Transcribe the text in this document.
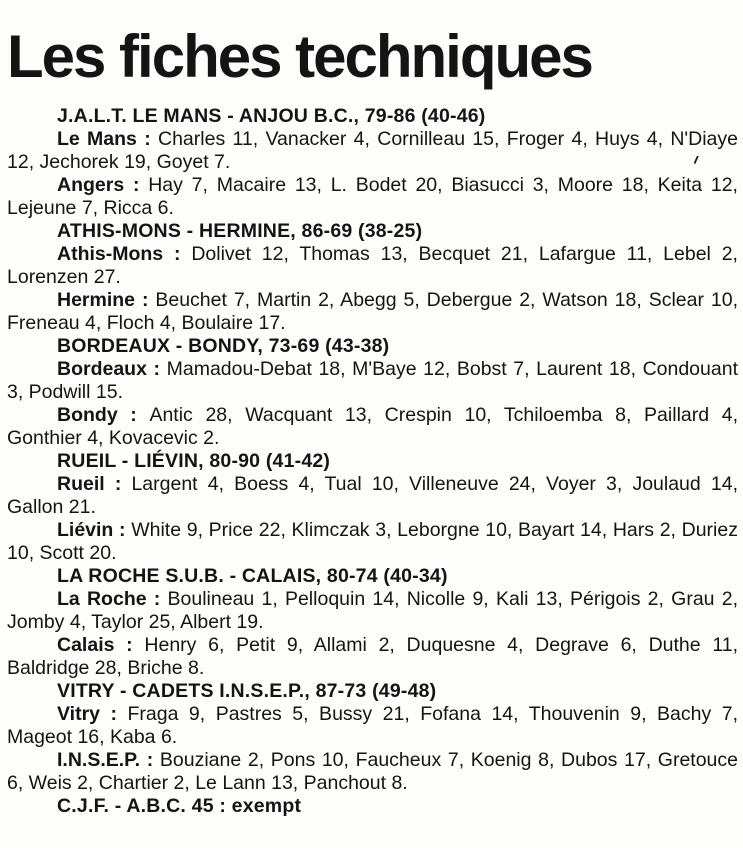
Les fiches techniques

J.A.L.T. LE MANS - ANJOU B.C., 79-86 (40-46)

Le Mans : Charles 11, Vanacker 4, Cornilleau 15, Froger 4, Huys 4, N'Diaye 12, Jechorek 19, Goyet 7.

Angers : Hay 7, Macaire 13, L. Bodet 20, Biasucci 3, Moore 18, Keita 12, Lejeune 7, Ricca 6.

ATHIS-MONS - HERMINE, 86-69 (38-25)

Athis-Mons : Dolivet 12, Thomas 13, Becquet 21, Lafargue 11, Lebel 2, Lorenzen 27.

Hermine : Beuchet 7, Martin 2, Abegg 5, Debergue 2, Watson 18, Sclear 10, Freneau 4, Floch 4, Boulaire 17.

BORDEAUX - BONDY, 73-69 (43-38)

Bordeaux : Mamadou-Debat 18, M'Baye 12, Bobst 7, Laurent 18, Condouant 3, Podwill 15.

Bondy : Antic 28, Wacquant 13, Crespin 10, Tchiloemba 8, Paillard 4, Gonthier 4, Kovacevic 2.

RUEIL - LIÉVIN, 80-90 (41-42)

Rueil : Largent 4, Boess 4, Tual 10, Villeneuve 24, Voyer 3, Joulaud 14, Gallon 21.

Liévin : White 9, Price 22, Klimczak 3, Leborgne 10, Bayart 14, Hars 2, Duriez 10, Scott 20.

LA ROCHE S.U.B. - CALAIS, 80-74 (40-34)

La Roche : Boulineau 1, Pelloquin 14, Nicolle 9, Kali 13, Périgois 2, Grau 2, Jomby 4, Taylor 25, Albert 19.

Calais : Henry 6, Petit 9, Allami 2, Duquesne 4, Degrave 6, Duthe 11, Baldridge 28, Briche 8.

VITRY - CADETS I.N.S.E.P., 87-73 (49-48)

Vitry : Fraga 9, Pastres 5, Bussy 21, Fofana 14, Thouvenin 9, Bachy 7, Mageot 16, Kaba 6.

I.N.S.E.P. : Bouziane 2, Pons 10, Faucheux 7, Koenig 8, Dubos 17, Gretouce 6, Weis 2, Chartier 2, Le Lann 13, Panchout 8.

C.J.F. - A.B.C. 45 : exempt
